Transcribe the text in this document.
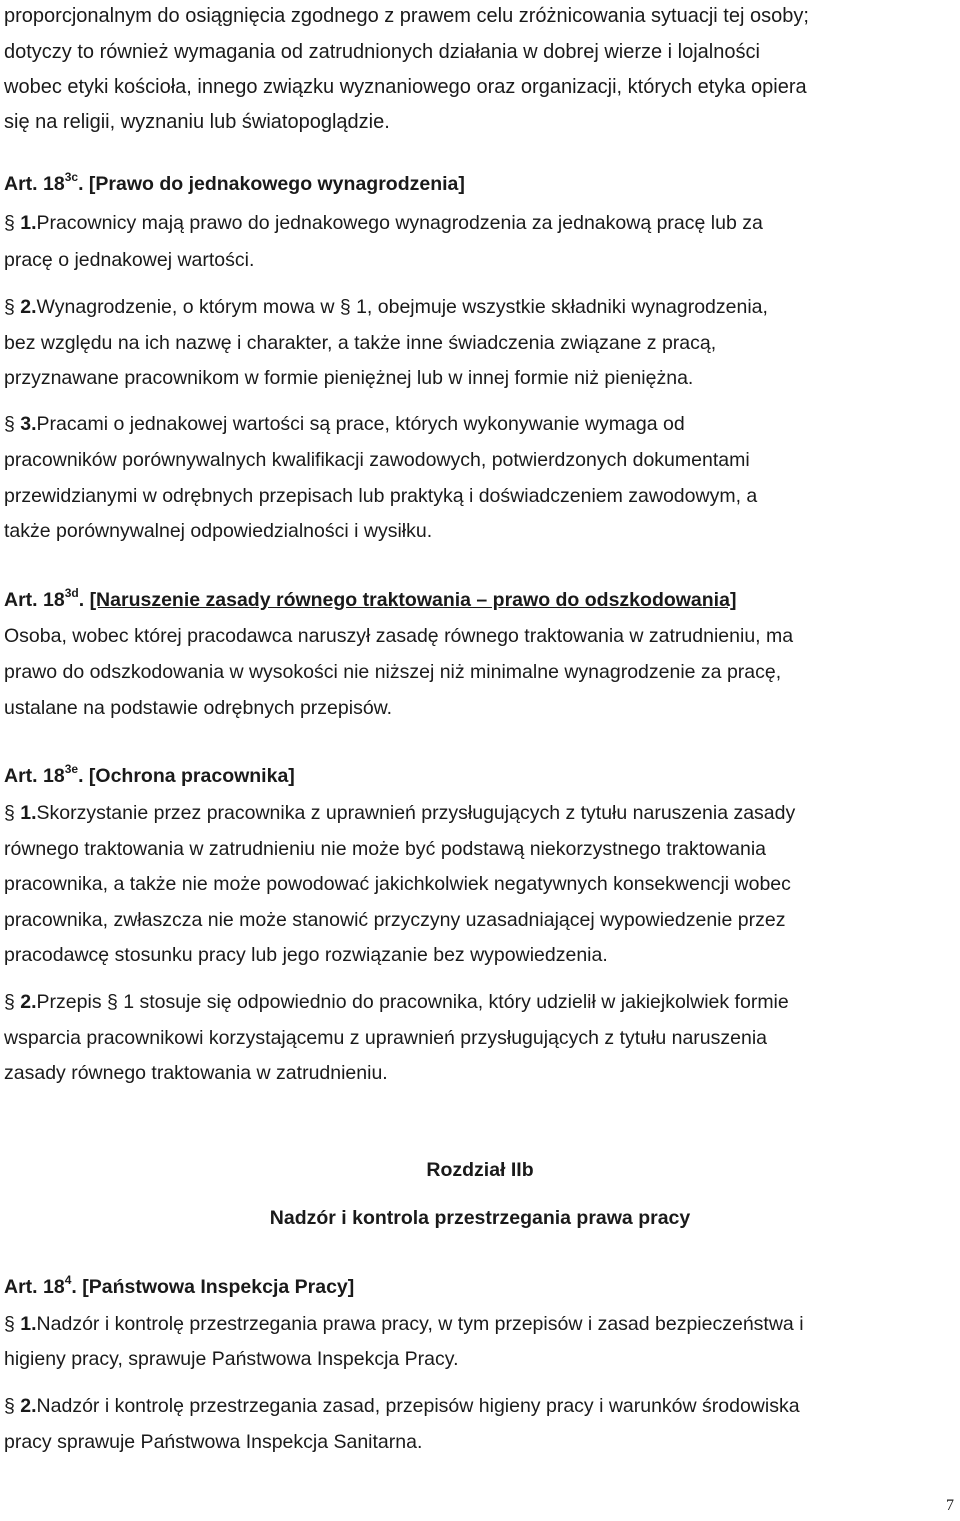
proporcjonalnym do osiągnięcia zgodnego z prawem celu zróżnicowania sytuacji tej osoby;
dotyczy to również wymagania od zatrudnionych działania w dobrej wierze i lojalności
wobec etyki kościoła, innego związku wyznaniowego oraz organizacji, których etyka opiera
się na religii, wyznaniu lub światopoglądzie.
Art. $18^{3c}$. [Prawo do jednakowego wynagrodzenia]
§ 1.Pracownicy mają prawo do jednakowego wynagrodzenia za jednakową pracę lub za
pracę o jednakowej wartości.
§ 2.Wynagrodzenie, o którym mowa w § 1, obejmuje wszystkie składniki wynagrodzenia,
bez względu na ich nazwę i charakter, a także inne świadczenia związane z pracą,
przyznawane pracownikom w formie pieniężnej lub w innej formie niż pieniężna.
§ 3.Pracami o jednakowej wartości są prace, których wykonywanie wymaga od
pracowników porównywalnych kwalifikacji zawodowych, potwierdzonych dokumentami
przewidzianymi w odrębnych przepisach lub praktyką i doświadczeniem zawodowym, a
także porównywalnej odpowiedzialności i wysiłku.
Art. $18^{3d}$. [Naruszenie zasady równego traktowania – prawo do odszkodowania]
Osoba, wobec której pracodawca naruszył zasadę równego traktowania w zatrudnieniu, ma
prawo do odszkodowania w wysokości nie niższej niż minimalne wynagrodzenie za pracę,
ustalane na podstawie odrębnych przepisów.
Art. $18^{3e}$. [Ochrona pracownika]
§ 1.Skorzystanie przez pracownika z uprawnień przysługujących z tytułu naruszenia zasady
równego traktowania w zatrudnieniu nie może być podstawą niekorzystnego traktowania
pracownika, a także nie może powodować jakichkolwiek negatywnych konsekwencji wobec
pracownika, zwłaszcza nie może stanowić przyczyny uzasadniającej wypowiedzenie przez
pracodawcę stosunku pracy lub jego rozwiązanie bez wypowiedzenia.
§ 2.Przepis § 1 stosuje się odpowiednio do pracownika, który udzielił w jakiejkolwiek formie
wsparcia pracownikowi korzystającemu z uprawnień przysługujących z tytułu naruszenia
zasady równego traktowania w zatrudnieniu.
Rozdział IIb
Nadzór i kontrola przestrzegania prawa pracy
Art. $18^4$. [Państwowa Inspekcja Pracy]
§ 1.Nadzór i kontrolę przestrzegania prawa pracy, w tym przepisów i zasad bezpieczeństwa i
higieny pracy, sprawuje Państwowa Inspekcja Pracy.
§ 2.Nadzór i kontrolę przestrzegania zasad, przepisów higieny pracy i warunków środowiska
pracy sprawuje Państwowa Inspekcja Sanitarna.
7
